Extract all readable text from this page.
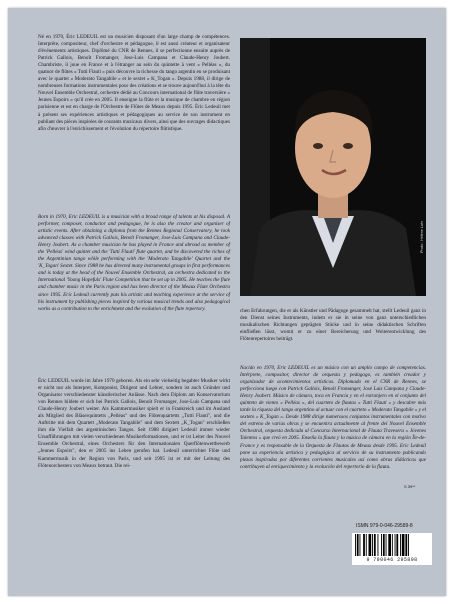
Né en 1970, Éric LEDEUIL est un musicien disposant d'un large champ de compétences. Interprète, compositeur, chef d'orchestre et pédagogue, il est aussi créateur et organisateur d'événements artistiques. Diplômé du CNR de Rennes, il se perfectionne ensuite auprès de Patrick Gallois, Benoît Fromanger, Jose-Luis Campana et Claude-Henry Joubert. Chambriste, il joue en France et à l'étranger au sein du quintette à vent « Pelléas », du quatuor de flûtes « Tutti Flauti » puis découvre la richesse du tango argentin en se produisant avec le quartet « Moderato Tangabile » et le sextet « K_Togan ». Depuis 1988, il dirige de nombreuses formations instrumentales pour des créations et se trouve aujourd'hui à la tête du Nouvel Ensemble Orchestral, orchestre dédié au Concours international de flûte traversière « Jeunes Espoirs » qu'il crée en 2005. Il enseigne la flûte et la musique de chambre en région parisienne et est en charge de l'Orchestre de Flûtes de Meaux depuis 1995. Éric Ledeuil met à présent ses expériences artistiques et pédagogiques au service de son instrument en publiant des pièces inspirées de courants musicaux divers, ainsi que des ouvrages didactiques afin d'œuvrer à l'enrichissement et l'évolution du répertoire flûtistique.

Born in 1970, Eric LEDEUIL is a musician with a broad range of talents at his disposal. A performer, composer, conductor and pedagogue, he is also the creator and organiser of artistic events. After obtaining a diploma from the Rennes Regional Conservatory, he took advanced classes with Patrick Gallois, Benoît Fromanger, Jose-Luis Campana and Claude-Henry Joubert. As a chamber musician he has played in France and abroad as member of the 'Pelléas' wind quintet and the 'Tutti Flauti' flute quartet, and he discovered the riches of the Argentinian tango while performing with the 'Moderato Tangabile' Quartet and the 'K_Togan' Sextet. Since 1988 he has directed many instrumental groups in first performances and is today at the head of the Nouvel Ensemble Orchestral, an orchestra dedicated to the International 'Young Hopefuls' Flute Competition that he set up in 2005. He teaches the flute and chamber music in the Paris region and has been director of the Meaux Flute Orchestra since 1995. Eric Ledeuil currently puts his artistic and teaching experience at the service of his instrument by publishing pieces inspired by various musical trends and also pedagogical works as a contribution to the enrichment and the evolution of the flute repertory.

Éric LEDEUIL wurde im Jahre 1970 geboren. Als ein sehr vielseitig begabter Musiker wirkt er nicht nur als Interpret, Komponist, Dirigent und Lehrer, sondern ist auch Gründer und Organisator verschiedenster künstlerischer Anlässe. Nach dem Diplom am Konservatorium von Rennes bildete er sich bei Patrick Gallois, Benoît Fromanger, Jose-Luis Campana und Claude-Henry Joubert weiter. Als Kammermusiker spielt er in Frankreich und im Ausland als Mitglied des Bläserquintetts „Pelléas" und des Flötenquartetts „Tutti Flauti", und die Auftritte mit dem Quartett „Moderato Tangabile" und dem Sextett „K_Togan" erschließen ihm die Vielfalt des argentinischen Tangos. Seit 1988 dirigiert Ledeuil immer wieder Uraufführungen mit vielen verschiedenen Musikerformationen, und er ist Leiter des Nouvel Ensemble Orchestral, eines Orchesters für den Internationalen Querflötenwettbewerb „Jeunes Espoirs", den er 2005 ins Leben gerufen hat. Ledeuil unterrichtet Flöte und Kammermusik in der Region von Paris, und seit 1995 ist er mit der Leitung des Flötenorchesters von Meaux betraut. Die rei-

Photo : Hélène Lahr

chen Erfahrungen, die er als Künstler und Pädagoge gesammelt hat, stellt Ledeuil ganz in den Dienst seines Instruments, indem er sie in seine von ganz unterschiedlichen musikalischen Richtungen geprägten Stücke und in seine didaktischen Schriften einfließen lässt, womit er zu einer Bereicherung und Weiterentwicklung des Flötenrepertoires beiträgt.

Nacido en 1970, Eric LEDEUIL es un músico con un amplio campo de competencias. Intérprete, compositor, director de orquesta y pedagogo, es también creador y organizador de acontecimientos artísticos. Diplomado en el CNR de Rennes, se perfecciona luego con Patrick Gallois, Benoît Fromanger, José Luis Campana y Claude-Henry Joubert. Músico de cámara, toca en Francia y en el extranjero en el conjunto del quinteto de viento « Pelléas », del cuarteto de flautas « Tutti Flauti » y descubre más tarde la riqueza del tango argentino al actuar con el cuarteto « Moderato Tangabile » y el sexteto « K_Togan ». Desde 1988 dirige numerosos conjuntos instrumentales con motivo del estreno de varias obras y se encuentra actualmente al frente del Nouvel Ensemble Orchestral, orquesta dedicada al Concurso Internacional de Flauta Travesera « Jóvenes Talentos » que creó en 2005. Enseña la flauta y la música de cámara en la región Île-de-France y es responsable de la Orquesta de Flautas de Meaux desde 1995. Eric Ledeuil pone su experiencia artística y pedagógica al servicio de su instrumento publicando piezas inspiradas por diferentes corrientes musicales así como obras didácticas que contribuyen al enriquecimiento y la evolución del repertorio de la flauta.

S 39**
ISMN 979-0-046-29589-8
9 790046 295898
